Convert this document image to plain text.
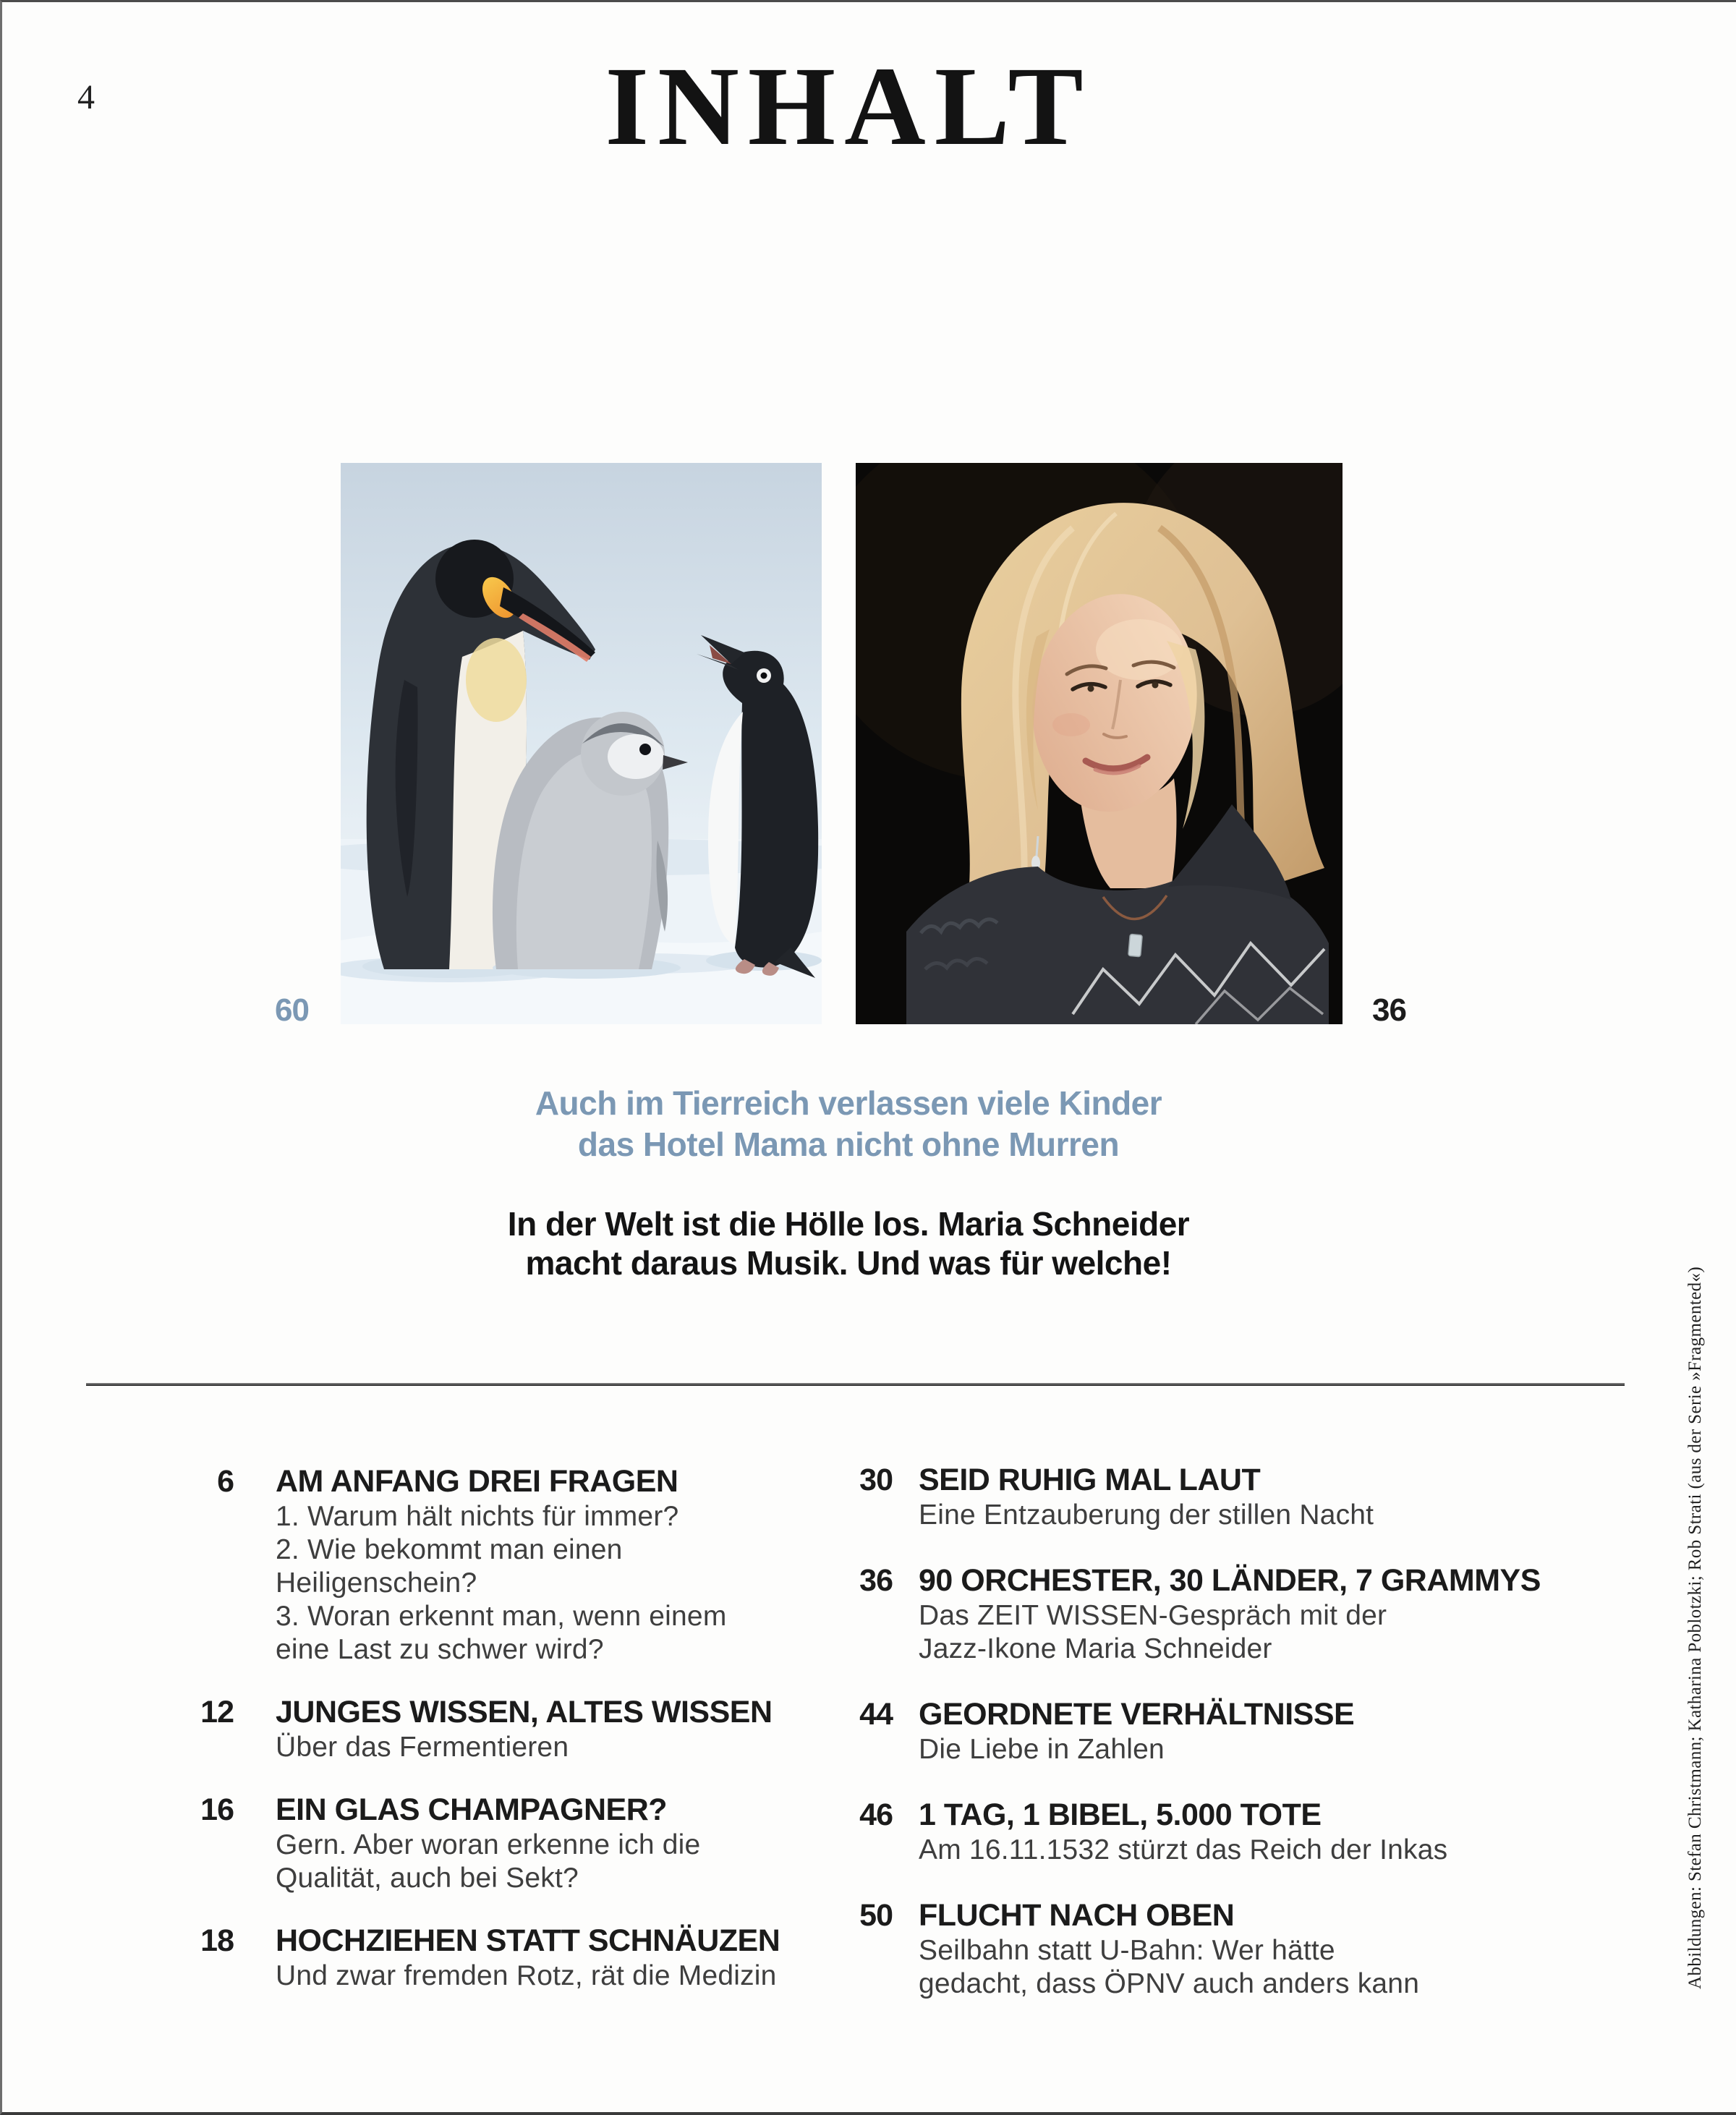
4	INHALT
60	36
Auch im Tierreich verlassen viele Kinder
das Hotel Mama nicht ohne Murren
In der Welt ist die Hölle los. Maria Schneider
macht daraus Musik. Und was für welche!
6 AM ANFANG DREI FRAGEN
1. Warum hält nichts für immer?
2. Wie bekommt man einen
Heiligenschein?
3. Woran erkennt man, wenn einem
eine Last zu schwer wird?
12 JUNGES WISSEN, ALTES WISSEN
Über das Fermentieren
16 EIN GLAS CHAMPAGNER?
Gern. Aber woran erkenne ich die
Qualität, auch bei Sekt?
18 HOCHZIEHEN STATT SCHNÄUZEN
Und zwar fremden Rotz, rät die Medizin
30 SEID RUHIG MAL LAUT
Eine Entzauberung der stillen Nacht
36 90 ORCHESTER, 30 LÄNDER, 7 GRAMMYS
Das ZEIT WISSEN-Gespräch mit der
Jazz-Ikone Maria Schneider
44 GEORDNETE VERHÄLTNISSE
Die Liebe in Zahlen
46 1 TAG, 1 BIBEL, 5.000 TOTE
Am 16.11.1532 stürzt das Reich der Inkas
50 FLUCHT NACH OBEN
Seilbahn statt U-Bahn: Wer hätte
gedacht, dass ÖPNV auch anders kann	Abbildungen: Stefan Christmann; Katharina Poblotzki; Rob Strati (aus der Serie »Fragmented«)
